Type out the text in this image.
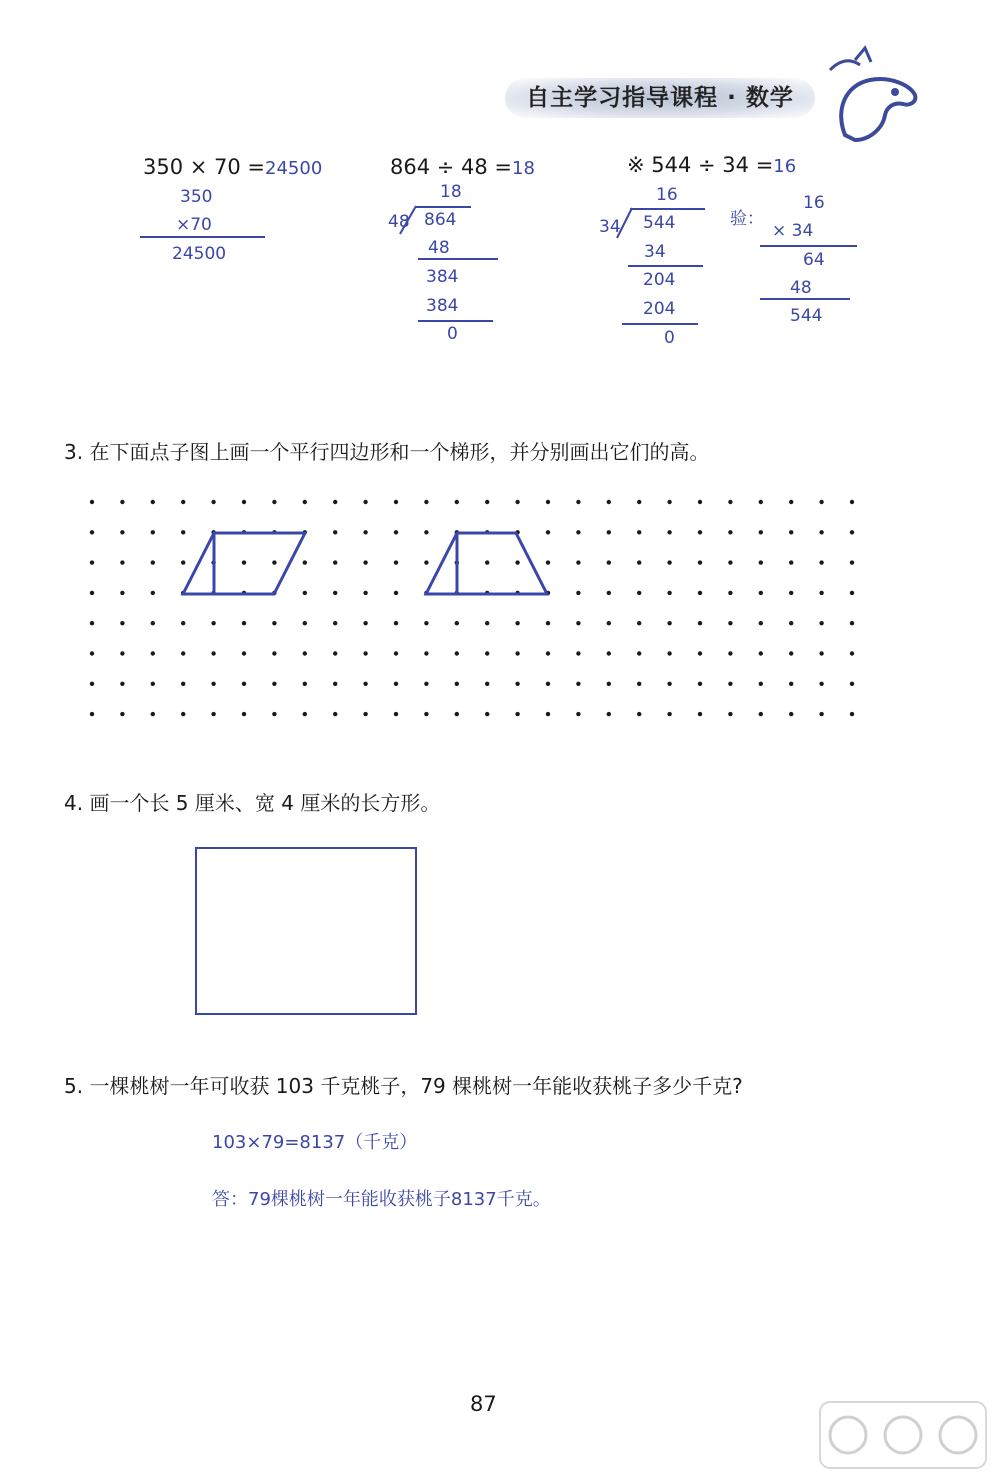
自主学习指导课程 · 数学
350 × 70 =24500
350
×70
24500
864 ÷ 48 =18
18
48 864
48
384
384
0
※ 544 ÷ 34 =16
16
34 544
34
204
204
0
验：
16
× 34
64
48
544
3. 在下面点子图上画一个平行四边形和一个梯形，并分别画出它们的高。
4. 画一个长 5 厘米、宽 4 厘米的长方形。
5. 一棵桃树一年可收获 103 千克桃子，79 棵桃树一年能收获桃子多少千克?
103×79=8137（千克）
答：79棵桃树一年能收获桃子8137千克。
87
